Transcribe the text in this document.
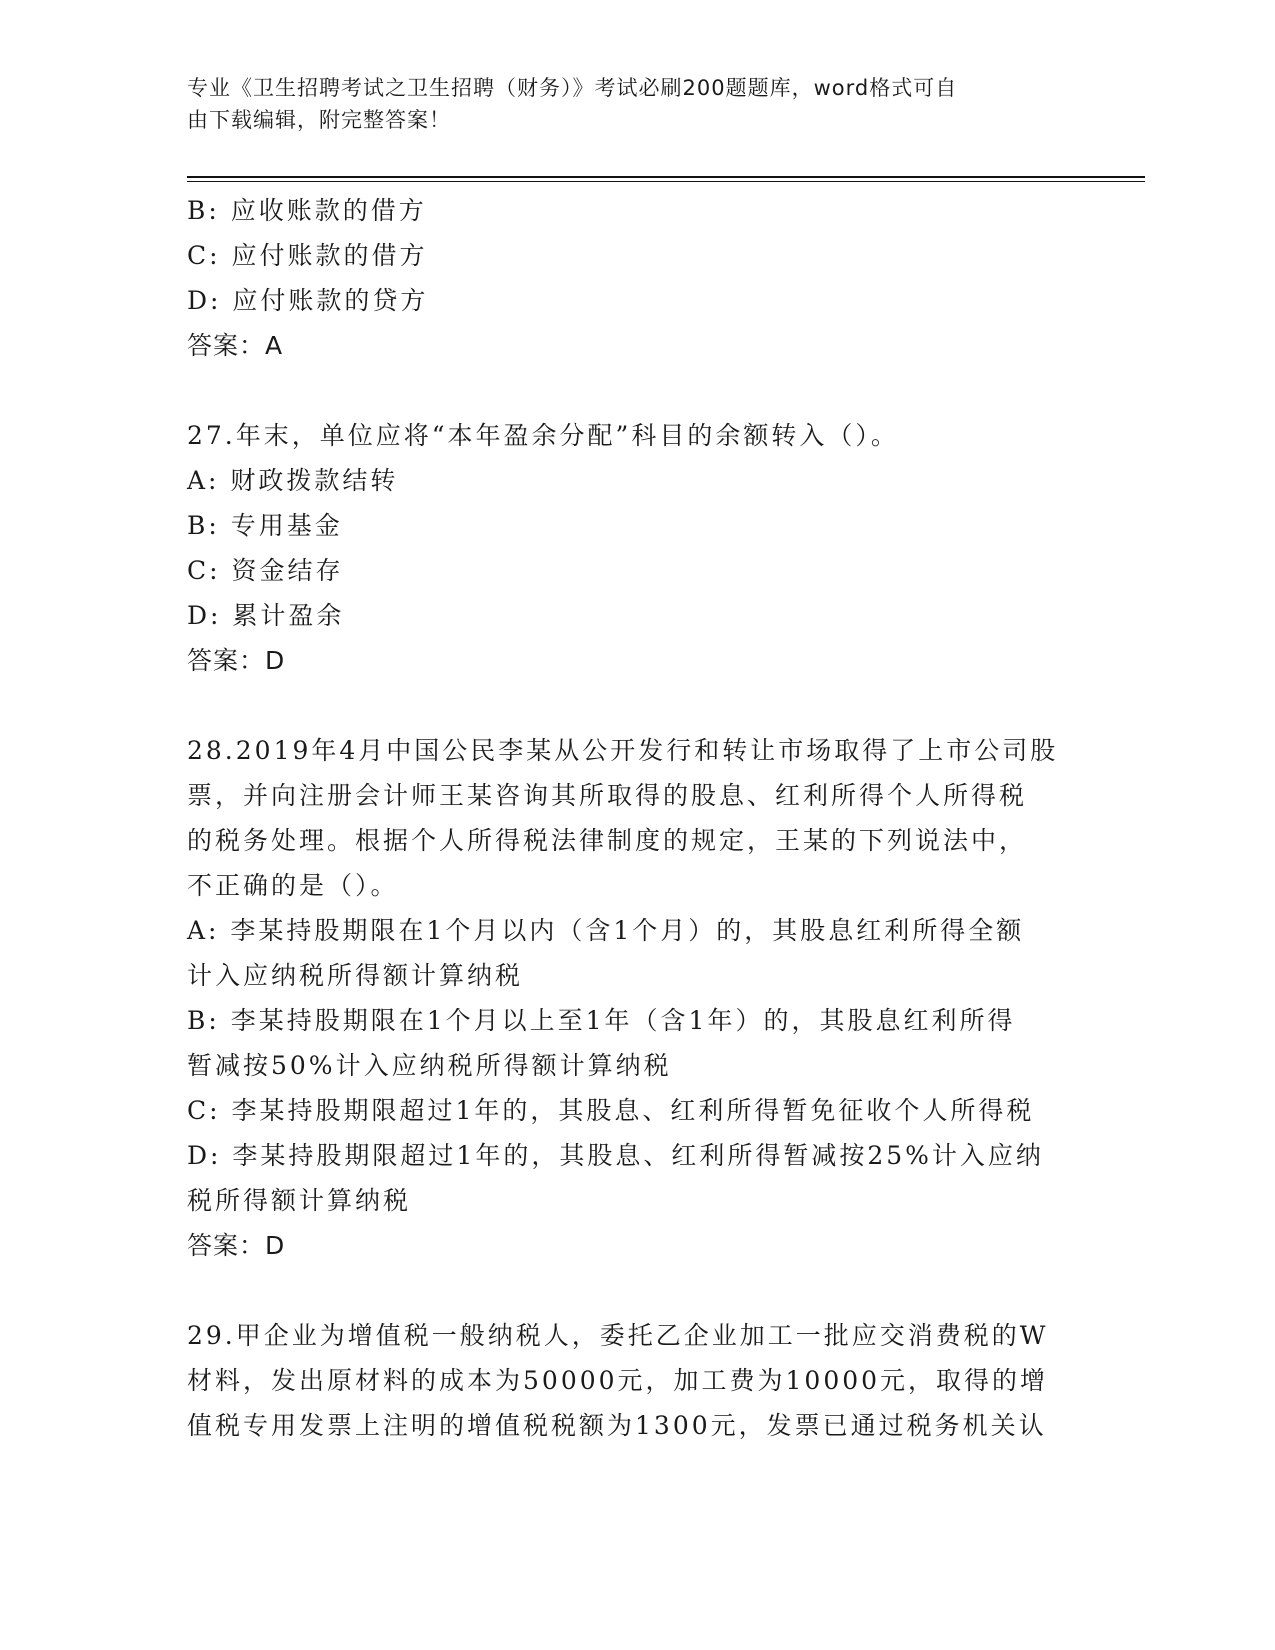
专业《卫生招聘考试之卫生招聘（财务）》考试必刷200题题库，word格式可自
由下载编辑，附完整答案！
B: 应收账款的借方
C: 应付账款的借方
D: 应付账款的贷方
答案：A
27.年末，单位应将“本年盈余分配”科目的余额转入（）。
A: 财政拨款结转
B: 专用基金
C: 资金结存
D: 累计盈余
答案：D
28.2019年4月中国公民李某从公开发行和转让市场取得了上市公司股
票，并向注册会计师王某咨询其所取得的股息、红利所得个人所得税
的税务处理。根据个人所得税法律制度的规定，王某的下列说法中，
不正确的是（）。
A: 李某持股期限在1个月以内（含1个月）的，其股息红利所得全额
计入应纳税所得额计算纳税
B: 李某持股期限在1个月以上至1年（含1年）的，其股息红利所得
暂减按50%计入应纳税所得额计算纳税
C: 李某持股期限超过1年的，其股息、红利所得暂免征收个人所得税
D: 李某持股期限超过1年的，其股息、红利所得暂减按25%计入应纳
税所得额计算纳税
答案：D
29.甲企业为增值税一般纳税人，委托乙企业加工一批应交消费税的W
材料，发出原材料的成本为50000元，加工费为10000元，取得的增
值税专用发票上注明的增值税税额为1300元，发票已通过税务机关认
